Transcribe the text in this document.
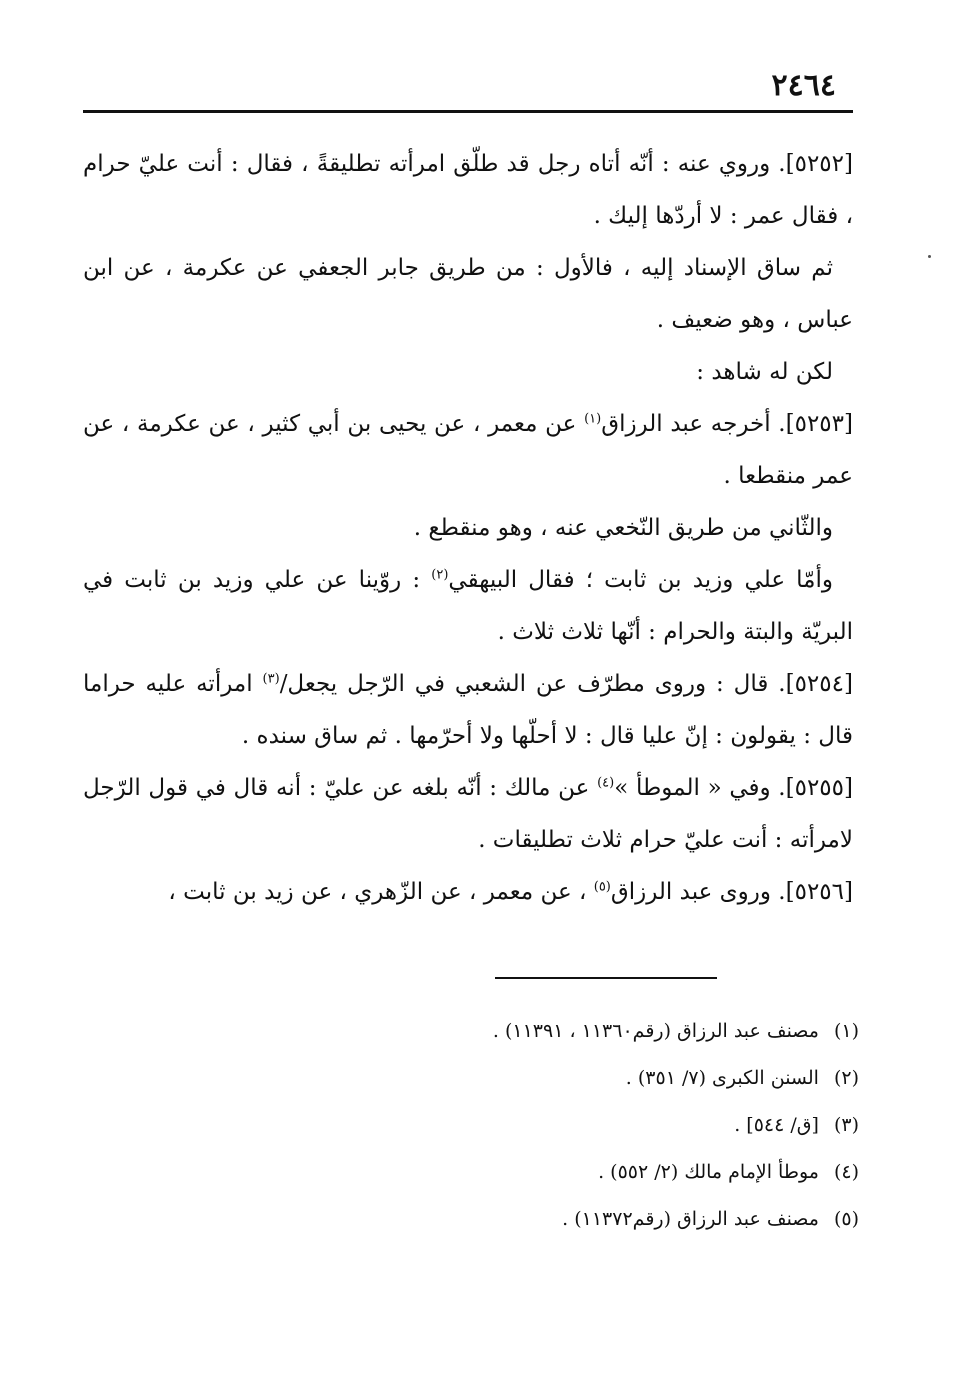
٢٤٦٤

[٥٢٥٢]. وروي عنه : أنّه أتاه رجل قد طلّق امرأته تطليقةً ، فقال : أنت عليّ حرام ، فقال عمر : لا أردّها إليك .

ثم ساق الإسناد إليه ، فالأول : من طريق جابر الجعفي عن عكرمة ، عن ابن عباس ، وهو ضعيف .

لكن له شاهد :

[٥٢٥٣]. أخرجه عبد الرزاق$^{(١)}$ عن معمر ، عن يحيى بن أبي كثير ، عن عكرمة ، عن عمر منقطعا .

والثّاني من طريق النّخعي عنه ، وهو منقطع .

وأمّا علي وزيد بن ثابت ؛ فقال البيهقي$^{(٢)}$ : روّينا عن علي وزيد بن ثابت في البريّة والبتة والحرام : أنّها ثلاث ثلاث .

[٥٢٥٤]. قال : وروى مطرّف عن الشعبي في الرّجل يجعل/$^{(٣)}$ امرأته عليه حراما قال : يقولون : إنّ عليا قال : لا أحلّها ولا أحرّمها . ثم ساق سنده .

[٥٢٥٥]. وفي « الموطأ »$^{(٤)}$ عن مالك : أنّه بلغه عن عليّ : أنه قال في قول الرّجل لامرأته : أنت عليّ حرام ثلاث تطليقات .

[٥٢٥٦]. وروى عبد الرزاق$^{(٥)}$ ، عن معمر ، عن الزّهري ، عن زيد بن ثابت ،

(١) مصنف عبد الرزاق (رقم١١٣٦٠ ، ١١٣٩١) .

(٢) السنن الكبرى (٧/ ٣٥١) .

(٣) [ق/ ٥٤٤] .

(٤) موطأ الإمام مالك (٢/ ٥٥٢) .

(٥) مصنف عبد الرزاق (رقم١١٣٧٢) .
